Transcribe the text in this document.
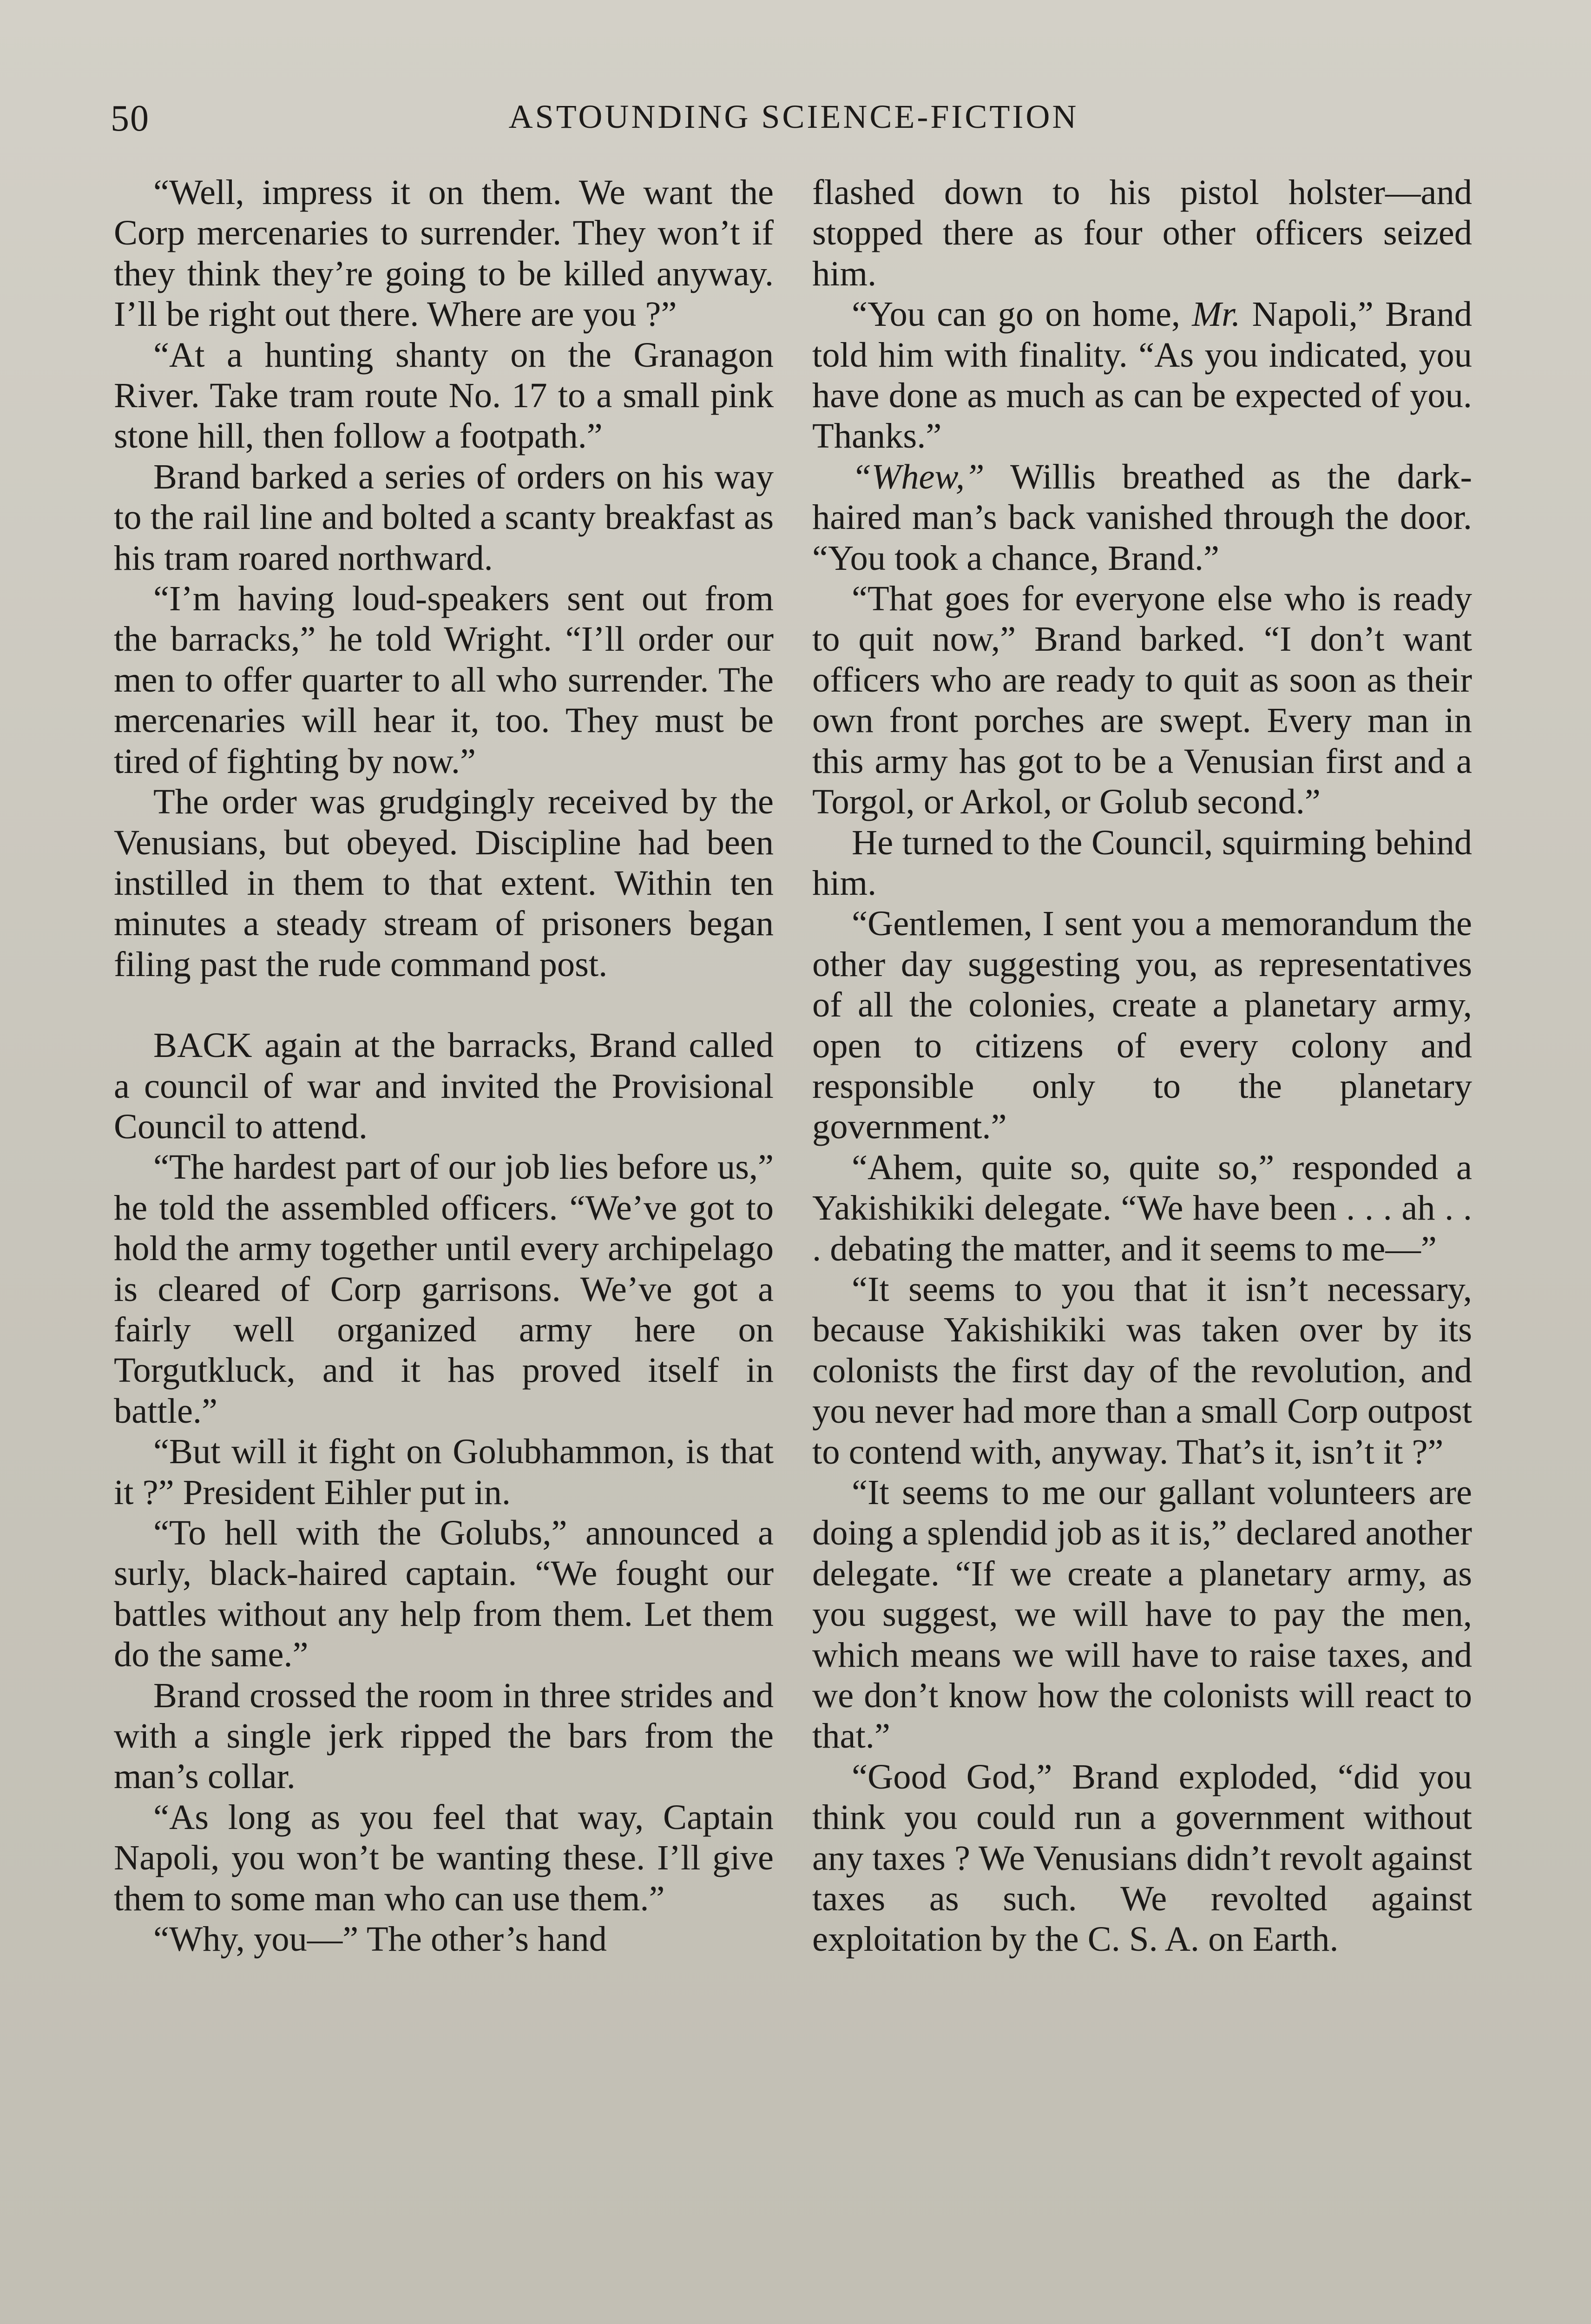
50	ASTOUNDING SCIENCE-FICTION

“Well, impress it on them. We want the Corp mercenaries to surrender. They won’t if they think they’re going to be killed anyway. I’ll be right out there. Where are you ?”

“At a hunting shanty on the Granagon River. Take tram route No. 17 to a small pink stone hill, then follow a footpath.”

Brand barked a series of orders on his way to the rail line and bolted a scanty breakfast as his tram roared northward.

“I’m having loud-speakers sent out from the barracks,” he told Wright. “I’ll order our men to offer quarter to all who surrender. The mercenaries will hear it, too. They must be tired of fighting by now.”

The order was grudgingly received by the Venusians, but obeyed. Discipline had been instilled in them to that extent. Within ten minutes a steady stream of prisoners began filing past the rude command post.

BACK again at the barracks, Brand called a council of war and invited the Provisional Council to attend.

“The hardest part of our job lies before us,” he told the assembled officers. “We’ve got to hold the army together until every archipelago is cleared of Corp garrisons. We’ve got a fairly well organized army here on Torgutkluck, and it has proved itself in battle.”

“But will it fight on Golubhammon, is that it ?” President Eihler put in.

“To hell with the Golubs,” announced a surly, black-haired captain. “We fought our battles without any help from them. Let them do the same.”

Brand crossed the room in three strides and with a single jerk ripped the bars from the man’s collar.

“As long as you feel that way, Captain Napoli, you won’t be wanting these. I’ll give them to some man who can use them.”

“Why, you—” The other’s hand

flashed down to his pistol holster—and stopped there as four other officers seized him.

“You can go on home, Mr. Napoli,” Brand told him with finality. “As you indicated, you have done as much as can be expected of you. Thanks.”

“Whew,” Willis breathed as the dark-haired man’s back vanished through the door. “You took a chance, Brand.”

“That goes for everyone else who is ready to quit now,” Brand barked. “I don’t want officers who are ready to quit as soon as their own front porches are swept. Every man in this army has got to be a Venusian first and a Torgol, or Arkol, or Golub second.”

He turned to the Council, squirming behind him.

“Gentlemen, I sent you a memorandum the other day suggesting you, as representatives of all the colonies, create a planetary army, open to citizens of every colony and responsible only to the planetary government.”

“Ahem, quite so, quite so,” responded a Yakishikiki delegate. “We have been . . . ah . . . debating the matter, and it seems to me—”

“It seems to you that it isn’t necessary, because Yakishikiki was taken over by its colonists the first day of the revolution, and you never had more than a small Corp outpost to contend with, anyway. That’s it, isn’t it ?”

“It seems to me our gallant volunteers are doing a splendid job as it is,” declared another delegate. “If we create a planetary army, as you suggest, we will have to pay the men, which means we will have to raise taxes, and we don’t know how the colonists will react to that.”

“Good God,” Brand exploded, “did you think you could run a government without any taxes ? We Venusians didn’t revolt against taxes as such. We revolted against exploitation by the C. S. A. on Earth.
